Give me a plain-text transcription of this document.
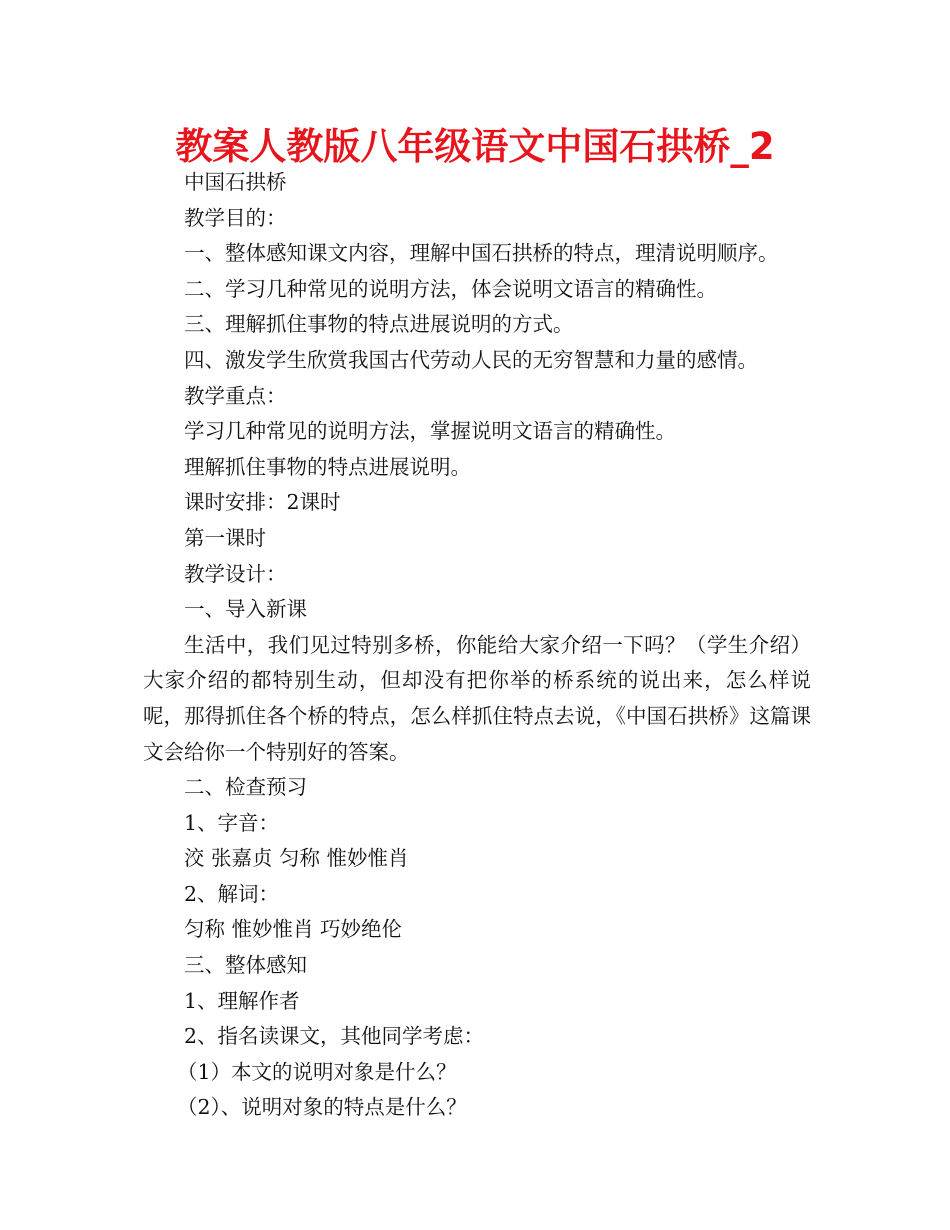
教案人教版八年级语文中国石拱桥_2

中国石拱桥

教学目的：

一、整体感知课文内容，理解中国石拱桥的特点，理清说明顺序。

二、学习几种常见的说明方法，体会说明文语言的精确性。

三、理解抓住事物的特点进展说明的方式。

四、激发学生欣赏我国古代劳动人民的无穷智慧和力量的感情。

教学重点：

学习几种常见的说明方法，掌握说明文语言的精确性。

理解抓住事物的特点进展说明。

课时安排：2课时

第一课时

教学设计：

一、导入新课

生活中，我们见过特别多桥，你能给大家介绍一下吗？（学生介绍）大家介绍的都特别生动，但却没有把你举的桥系统的说出来，怎么样说呢，那得抓住各个桥的特点，怎么样抓住特点去说，《中国石拱桥》这篇课文会给你一个特别好的答案。

二、检查预习

1、字音：

洨 张嘉贞 匀称 惟妙惟肖

2、解词：

匀称 惟妙惟肖 巧妙绝伦

三、整体感知

1、理解作者

2、指名读课文，其他同学考虑：

（1）本文的说明对象是什么？

（2）、说明对象的特点是什么？
